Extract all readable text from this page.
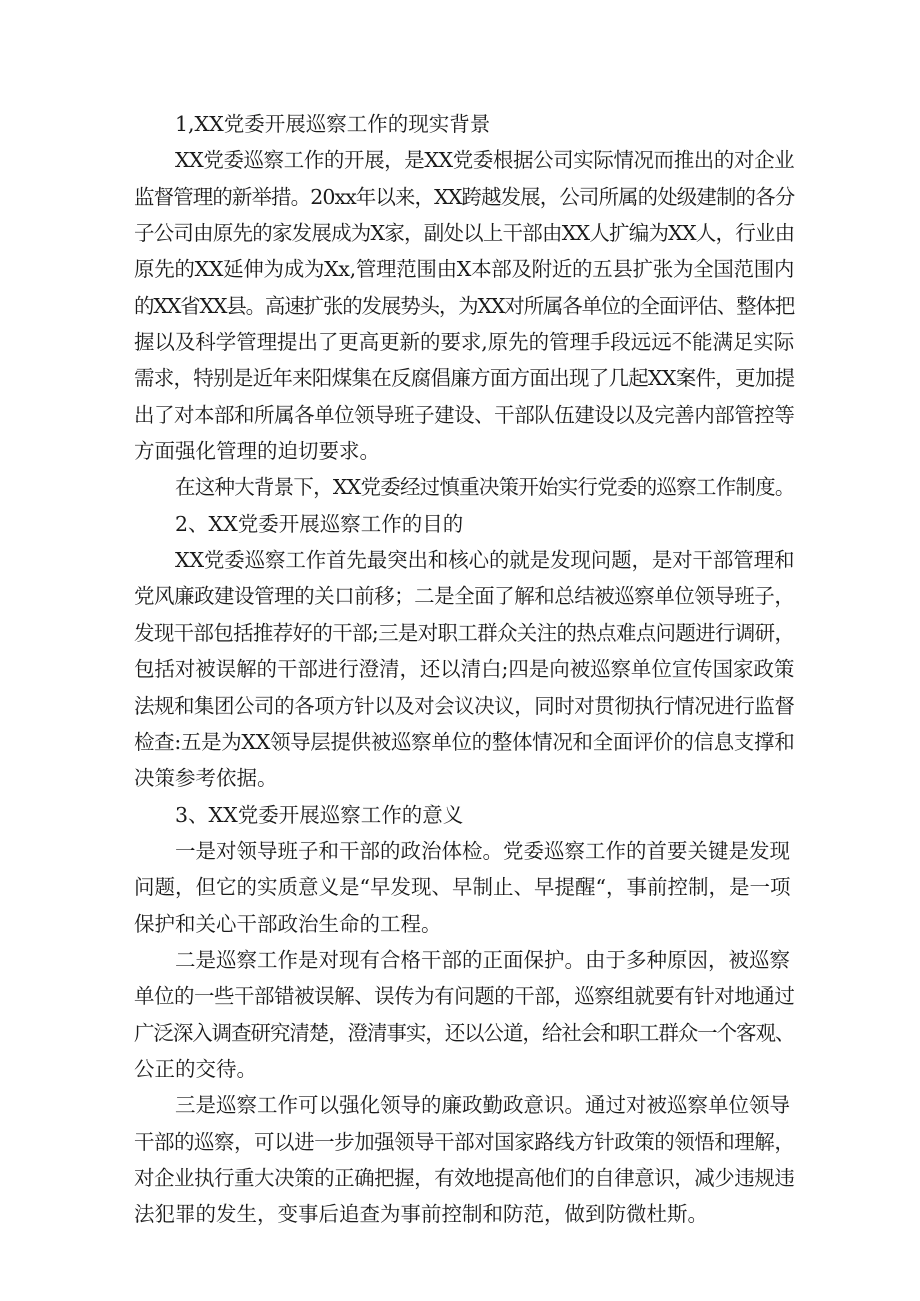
1,XX党委开展巡察工作的现实背景

XX党委巡察工作的开展，是XX党委根据公司实际情况而推出的对企业

监督管理的新举措。20xx年以来，XX跨越发展，公司所属的处级建制的各分

子公司由原先的家发展成为X家，副处以上干部由XX人扩编为XX人，行业由

原先的XX延伸为成为Xx,管理范围由X本部及附近的五县扩张为全国范围内

的XX省XX县。高速扩张的发展势头，为XX对所属各单位的全面评估、整体把

握以及科学管理提出了更高更新的要求,原先的管理手段远远不能满足实际

需求，特别是近年来阳煤集在反腐倡廉方面方面出现了几起XX案件，更加提

出了对本部和所属各单位领导班子建设、干部队伍建设以及完善内部管控等

方面强化管理的迫切要求。

在这种大背景下，XX党委经过慎重决策开始实行党委的巡察工作制度。

2、XX党委开展巡察工作的目的

XX党委巡察工作首先最突出和核心的就是发现问题，是对干部管理和

党风廉政建设管理的关口前移；二是全面了解和总结被巡察单位领导班子，

发现干部包括推荐好的干部;三是对职工群众关注的热点难点问题进行调研，

包括对被误解的干部进行澄清，还以清白;四是向被巡察单位宣传国家政策

法规和集团公司的各项方针以及对会议决议，同时对贯彻执行情况进行监督

检查:五是为XX领导层提供被巡察单位的整体情况和全面评价的信息支撑和

决策参考依据。

3、XX党委开展巡察工作的意义

一是对领导班子和干部的政治体检。党委巡察工作的首要关键是发现

问题，但它的实质意义是“早发现、早制止、早提醒“，事前控制，是一项

保护和关心干部政治生命的工程。

二是巡察工作是对现有合格干部的正面保护。由于多种原因，被巡察

单位的一些干部错被误解、误传为有问题的干部，巡察组就要有针对地通过

广泛深入调查研究清楚，澄清事实，还以公道，给社会和职工群众一个客观、

公正的交待。

三是巡察工作可以强化领导的廉政勤政意识。通过对被巡察单位领导

干部的巡察，可以进一步加强领导干部对国家路线方针政策的领悟和理解，

对企业执行重大决策的正确把握，有效地提高他们的自律意识，减少违规违

法犯罪的发生，变事后追查为事前控制和防范，做到防微杜斯。
